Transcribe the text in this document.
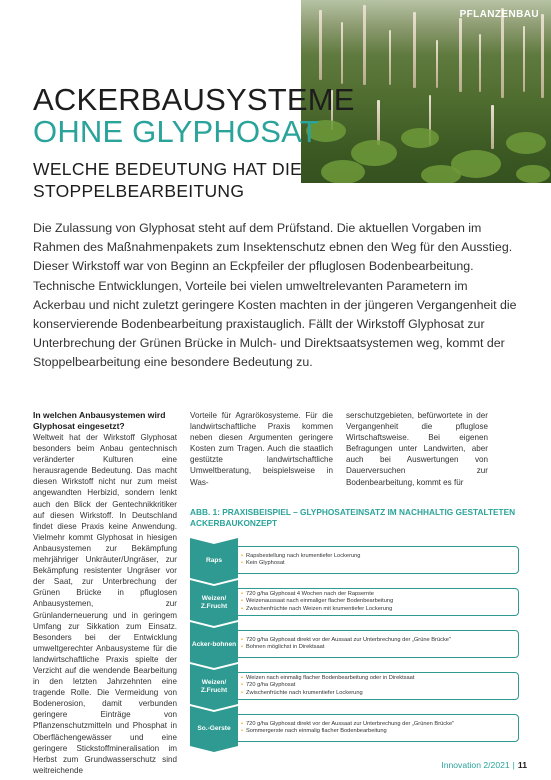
PFLANZENBAU
ACKERBAUSYSTEME
OHNE GLYPHOSAT
WELCHE BEDEUTUNG HAT DIE STOPPELBEARBEITUNG
Die Zulassung von Glyphosat steht auf dem Prüfstand. Die aktuellen Vorgaben im Rahmen des Maßnahmenpakets zum Insektenschutz ebnen den Weg für den Ausstieg. Dieser Wirkstoff war von Beginn an Eckpfeiler der pfluglosen Bodenbearbeitung. Technische Entwicklungen, Vorteile bei vielen umweltrelevanten Parametern im Ackerbau und nicht zuletzt geringere Kosten machten in der jüngeren Vergangenheit die konservierende Bodenbearbeitung praxistauglich. Fällt der Wirkstoff Glyphosat zur Unterbrechung der Grünen Brücke in Mulch- und Direktsaatsystemen weg, kommt der Stoppelbearbeitung eine besondere Bedeutung zu.
In welchen Anbausystemen wird Glyphosat eingesetzt?

Weltweit hat der Wirkstoff Glyphosat besonders beim Anbau gentechnisch veränderter Kulturen eine herausragende Bedeutung. Das macht diesen Wirkstoff nicht nur zum meist angewandten Herbizid, sondern lenkt auch den Blick der Gentechnikkritiker auf diesen Wirkstoff. In Deutschland findet diese Praxis keine Anwendung. Vielmehr kommt Glyphosat in hiesigen Anbausystemen zur Bekämpfung mehrjähriger Unkräuter/Ungräser, zur Bekämpfung resistenter Ungräser vor der Saat, zur Unterbrechung der Grünen Brücke in pfluglosen Anbausystemen, zur Grünlanderneuerung und in geringem Umfang zur Sikkation zum Einsatz. Besonders bei der Entwicklung umweltgerechter Anbausysteme für die landwirtschaftliche Praxis spielte der Verzicht auf die wendende Bearbeitung in den letzten Jahrzehnten eine tragende Rolle. Die Vermeidung von Bodenerosion, damit verbunden geringere Einträge von Pflanzenschutzmitteln und Phosphat in Oberflächengewässer und eine geringere Stickstoffmineralisation im Herbst zum Grundwasserschutz sind weitreichende

Vorteile für Agrarökosysteme. Für die landwirtschaftliche Praxis kommen neben diesen Argumenten geringere Kosten zum Tragen. Auch die staatlich gestützte landwirtschaftliche Umweltberatung, beispielsweise in Was-

serschutzgebieten, befürwortete in der Vergangenheit die pfluglose Wirtschaftsweise. Bei eigenen Befragungen unter Landwirten, aber auch bei Auswertungen von Dauerversuchen zur Bodenbearbeitung, kommt es für

ABB. 1: PRAXISBEISPIEL – GLYPHOSATEINSATZ IM NACHHALTIG GESTALTETEN ACKERBAUKONZEPT
• Rapsbestellung nach krumentiefer Lockerung
• Kein Glyphosat
Raps
• 720 g/ha Glyphosat 4 Wochen nach der Rapsernte
• Weizenaussaat nach einmaliger flacher Bodenbearbeitung
• Zwischenfrüchte nach Weizen mit krumentiefer Lockerung
Weizen/ Z.Frucht
• 720 g/ha Glyphosat direkt vor der Aussaat zur Unterbrechung der „Grüne Brücke"
• Bohnen möglichst in Direktsaat
Acker-bohnen
• Weizen nach einmalig flacher Bodenbearbeitung oder in Direktsaat
• 720 g/ha Glyphosat
• Zwischenfrüchte nach krumentiefer Lockerung
Weizen/ Z.Frucht
• 720 g/ha Glyphosat direkt vor der Aussaat zur Unterbrechung der „Grünen Brücke"
• Sommergerste nach einmalig flacher Bodenbearbeitung
So.-Gerste
Innovation 2/2021 | 11
